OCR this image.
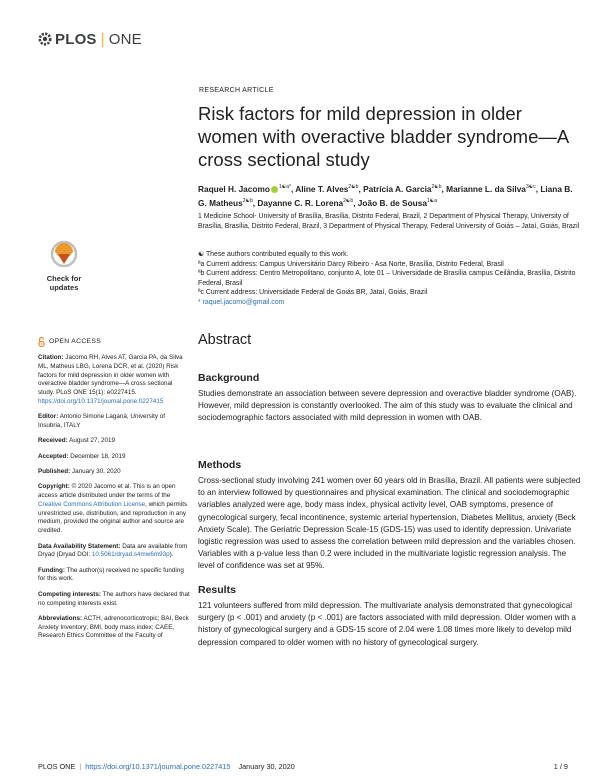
PLOS | ONE
RESEARCH ARTICLE
Risk factors for mild depression in older women with overactive bladder syndrome—A cross sectional study
Raquel H. Jacomo $^{1☯a*}$, Aline T. Alves$^{2☯b}$, Patrícia A. Garcia$^{2☯b}$, Marianne L. da Silva$^{3☯c}$, Liana B. G. Matheus$^{2☯b}$, Dayanne C. R. Lorena$^{2☯b}$, João B. de Sousa$^{1☯a}$
1 Medicine School- University of Brasília, Brasília, Distrito Federal, Brazil, 2 Department of Physical Therapy, University of Brasília, Brasília, Distrito Federal, Brazil, 3 Department of Physical Therapy, Federal University of Goiás – Jataí, Goiás, Brazil

☯ These authors contributed equally to this work.

ªa Current address: Campus Universitário Darcy Ribeiro - Asa Norte, Brasília, Distrito Federal, Brasil

ªb Current address: Centro Metropolitano, conjunto A, lote 01 – Universidade de Brasília campus Ceilândia, Brasília, Distrito Federal, Brasil

ªc Current address: Universidade Federal de Goiás BR, Jataí, Goiás, Brazil

* raquel.jacomo@gmail.com

Check for
updates
OPEN ACCESS

Citation: Jacomo RH, Alves AT, Garcia PA, da Silva ML, Matheus LBG, Lorena DCR, et al. (2020) Risk factors for mild depression in older women with overactive bladder syndrome—A cross sectional study. PLoS ONE 15(1): e0227415. https://doi.org/10.1371/journal.pone.0227415

Editor: Antonio Simone Laganà, University of Insubria, ITALY

Received: August 27, 2019

Accepted: December 18, 2019

Published: January 30, 2020

Copyright: © 2020 Jacomo et al. This is an open access article distributed under the terms of the Creative Commons Attribution License, which permits unrestricted use, distribution, and reproduction in any medium, provided the original author and source are credited.

Data Availability Statement: Data are available from Dryad (Dryad DOI: 10.5061/dryad.s4mw6m93p).

Funding: The author(s) received no specific funding for this work.

Competing interests: The authors have declared that no competing interests exist.

Abbreviations: ACTH, adrenocorticotropic; BAI, Beck Anxiety Inventory; BMI, body mass index; CAEE, Research Ethics Committee of the Faculty of

Abstract
Background

Studies demonstrate an association between severe depression and overactive bladder syndrome (OAB). However, mild depression is constantly overlooked. The aim of this study was to evaluate the clinical and sociodemographic factors associated with mild depression in women with OAB.

Methods

Cross-sectional study involving 241 women over 60 years old in Brasília, Brazil. All patients were subjected to an interview followed by questionnaires and physical examination. The clinical and sociodemographic variables analyzed were age, body mass index, physical activity level, OAB symptoms, presence of gynecological surgery, fecal incontinence, systemic arterial hypertension, Diabetes Mellitus, anxiety (Beck Anxiety Scale). The Geriatric Depression Scale-15 (GDS-15) was used to identify depression. Univariate logistic regression was used to assess the correlation between mild depression and the variables chosen. Variables with a p-value less than 0.2 were included in the multivariate logistic regression analysis. The level of confidence was set at 95%.

Results

121 volunteers suffered from mild depression. The multivariate analysis demonstrated that gynecological surgery (p < .001) and anxiety (p < .001) are factors associated with mild depression. Older women with a history of gynecological surgery and a GDS-15 score of 2.04 were 1.08 times more likely to develop mild depression compared to older women with no history of gynecological surgery.

PLOS ONE | https://doi.org/10.1371/journal.pone.0227415 January 30, 2020	1 / 9
